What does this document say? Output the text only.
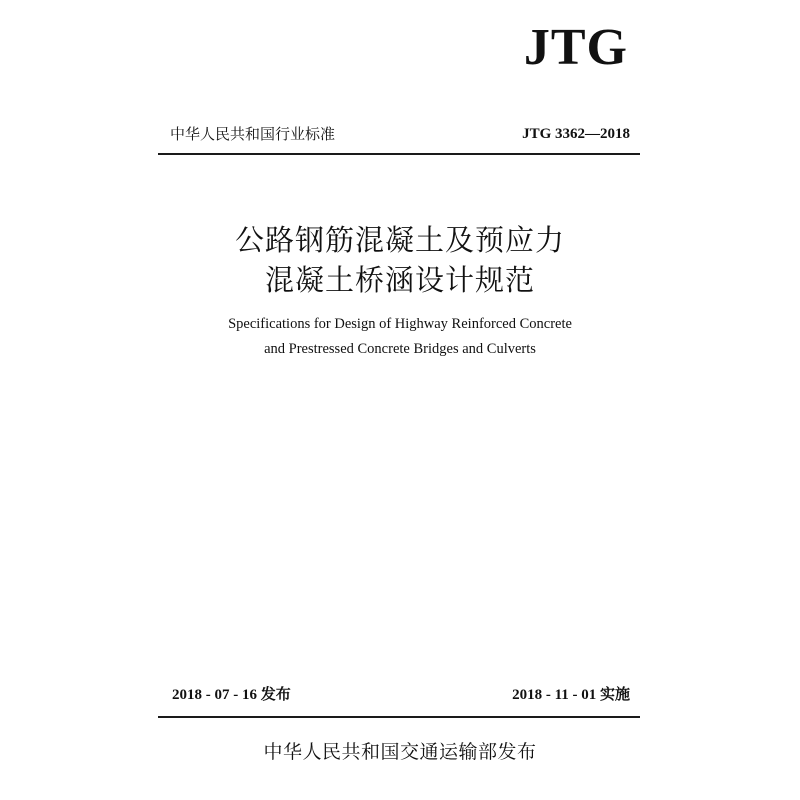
JTG
中华人民共和国行业标准	JTG 3362—2018
公路钢筋混凝土及预应力
混凝土桥涵设计规范
Specifications for Design of Highway Reinforced Concrete
and Prestressed Concrete Bridges and Culverts
2018 - 07 - 16 发布	2018 - 11 - 01 实施
中华人民共和国交通运输部发布
